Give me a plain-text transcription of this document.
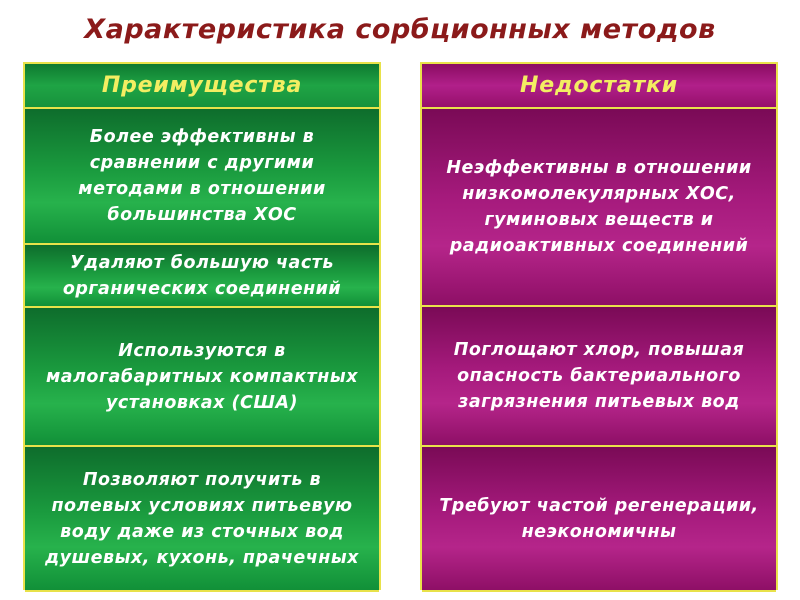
Характеристика сорбционных методов
Преимущества
Более эффективны в сравнении с другими методами в отношении большинства ХОС
Удаляют большую часть органических соединений
Используются в малогабаритных компактных установках (США)
Позволяют получить в полевых условиях питьевую воду даже из сточных вод душевых, кухонь, прачечных
Недостатки
Неэффективны в отношении низкомолекулярных ХОС, гуминовых веществ и радиоактивных соединений
Поглощают хлор, повышая опасность бактериального загрязнения питьевых вод
Требуют частой регенерации, неэкономичны
